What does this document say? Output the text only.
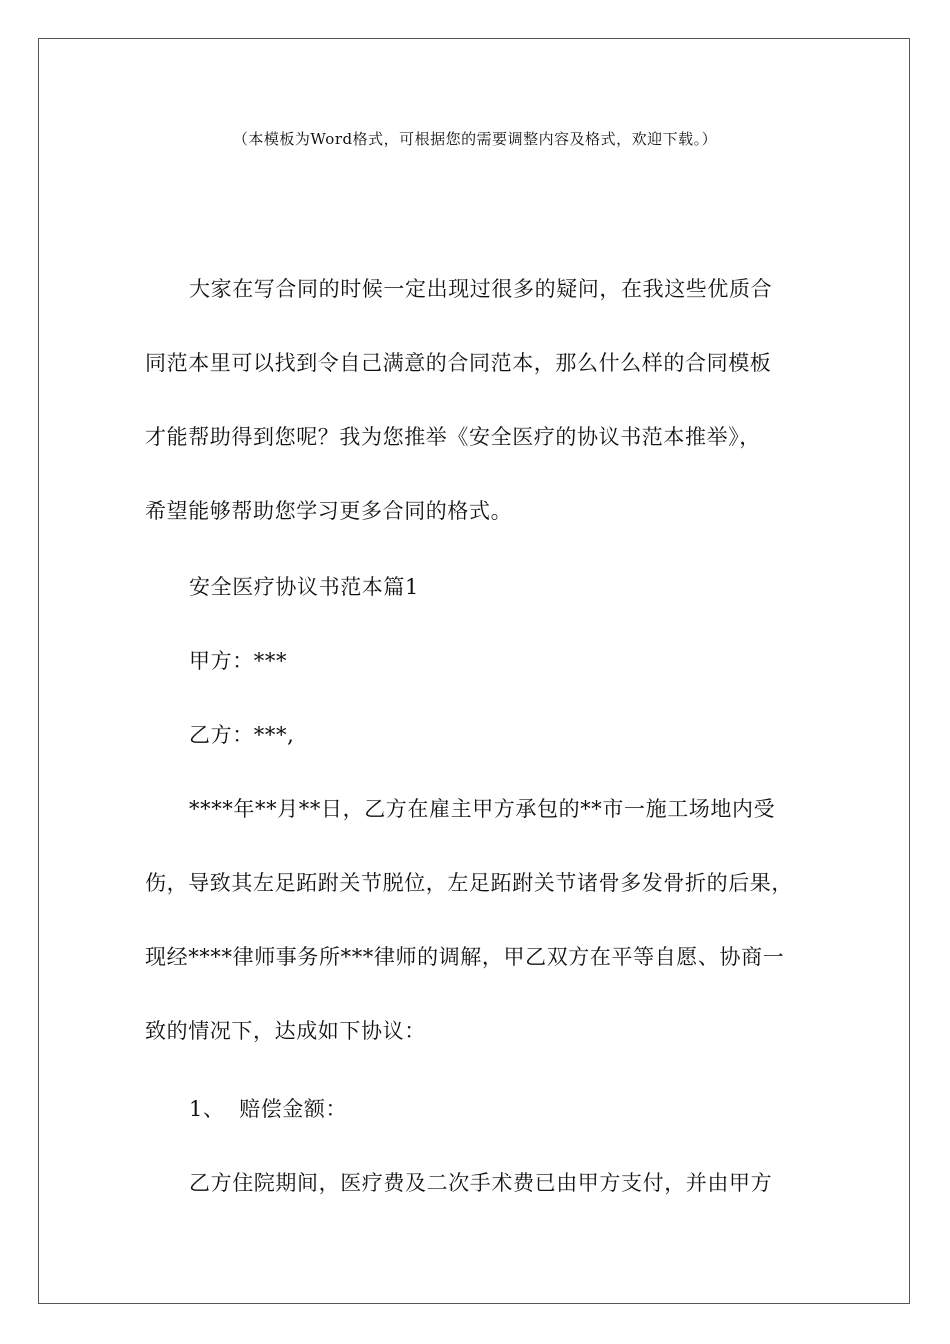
（本模板为Word格式，可根据您的需要调整内容及格式，欢迎下载。）
大家在写合同的时候一定出现过很多的疑问，在我这些优质合
同范本里可以找到令自己满意的合同范本，那么什么样的合同模板
才能帮助得到您呢？我为您推举《安全医疗的协议书范本推举》，
希望能够帮助您学习更多合同的格式。
安全医疗协议书范本篇1
甲方：***
乙方：***,
****年**月**日，乙方在雇主甲方承包的**市一施工场地内受
伤，导致其左足跖跗关节脱位，左足跖跗关节诸骨多发骨折的后果，
现经****律师事务所***律师的调解，甲乙双方在平等自愿、协商一
致的情况下，达成如下协议：
1、  赔偿金额：
乙方住院期间，医疗费及二次手术费已由甲方支付，并由甲方
